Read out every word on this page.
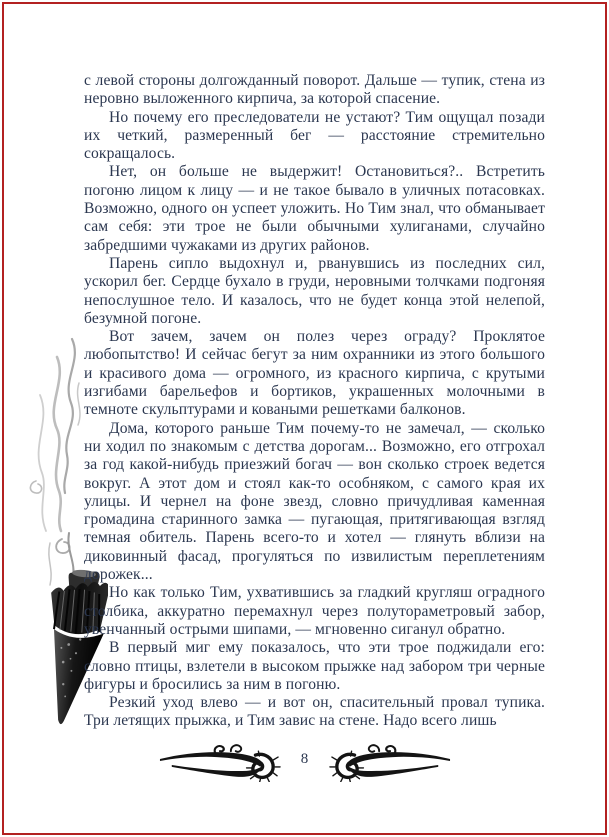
с левой стороны долгожданный поворот. Дальше — тупик, стена из неровно выложенного кирпича, за которой спасение.

Но почему его преследователи не устают? Тим ощущал позади их четкий, размеренный бег — расстояние стремительно сокращалось.

Нет, он больше не выдержит! Остановиться?.. Встретить погоню лицом к лицу — и не такое бывало в уличных потасовках. Возможно, одного он успеет уложить. Но Тим знал, что обманывает сам себя: эти трое не были обычными хулиганами, случайно забредшими чужаками из других районов.

Парень сипло выдохнул и, рванувшись из последних сил, ускорил бег. Сердце бухало в груди, неровными толчками подгоняя непослушное тело. И казалось, что не будет конца этой нелепой, безумной погоне.

Вот зачем, зачем он полез через ограду? Проклятое любопытство! И сейчас бегут за ним охранники из этого большого и красивого дома — огромного, из красного кирпича, с крутыми изгибами барельефов и бортиков, украшенных молочными в темноте скульптурами и коваными решетками балконов.

Дома, которого раньше Тим почему-то не замечал, — сколько ни ходил по знакомым с детства дорогам... Возможно, его отгрохал за год какой-нибудь приезжий богач — вон сколько строек ведется вокруг. А этот дом и стоял как-то особняком, с самого края их улицы. И чернел на фоне звезд, словно причудливая каменная громадина старинного замка — пугающая, притягивающая взгляд темная обитель. Парень всего-то и хотел — глянуть вблизи на диковинный фасад, прогуляться по извилистым переплетениям дорожек...

Но как только Тим, ухватившись за гладкий кругляш оградного столбика, аккуратно перемахнул через полутораметровый забор, увенчанный острыми шипами, — мгновенно сиганул обратно.

В первый миг ему показалось, что эти трое поджидали его: словно птицы, взлетели в высоком прыжке над забором три черные фигуры и бросились за ним в погоню.

Резкий уход влево — и вот он, спасительный провал тупика. Три летящих прыжка, и Тим завис на стене. Надо всего лишь

8
